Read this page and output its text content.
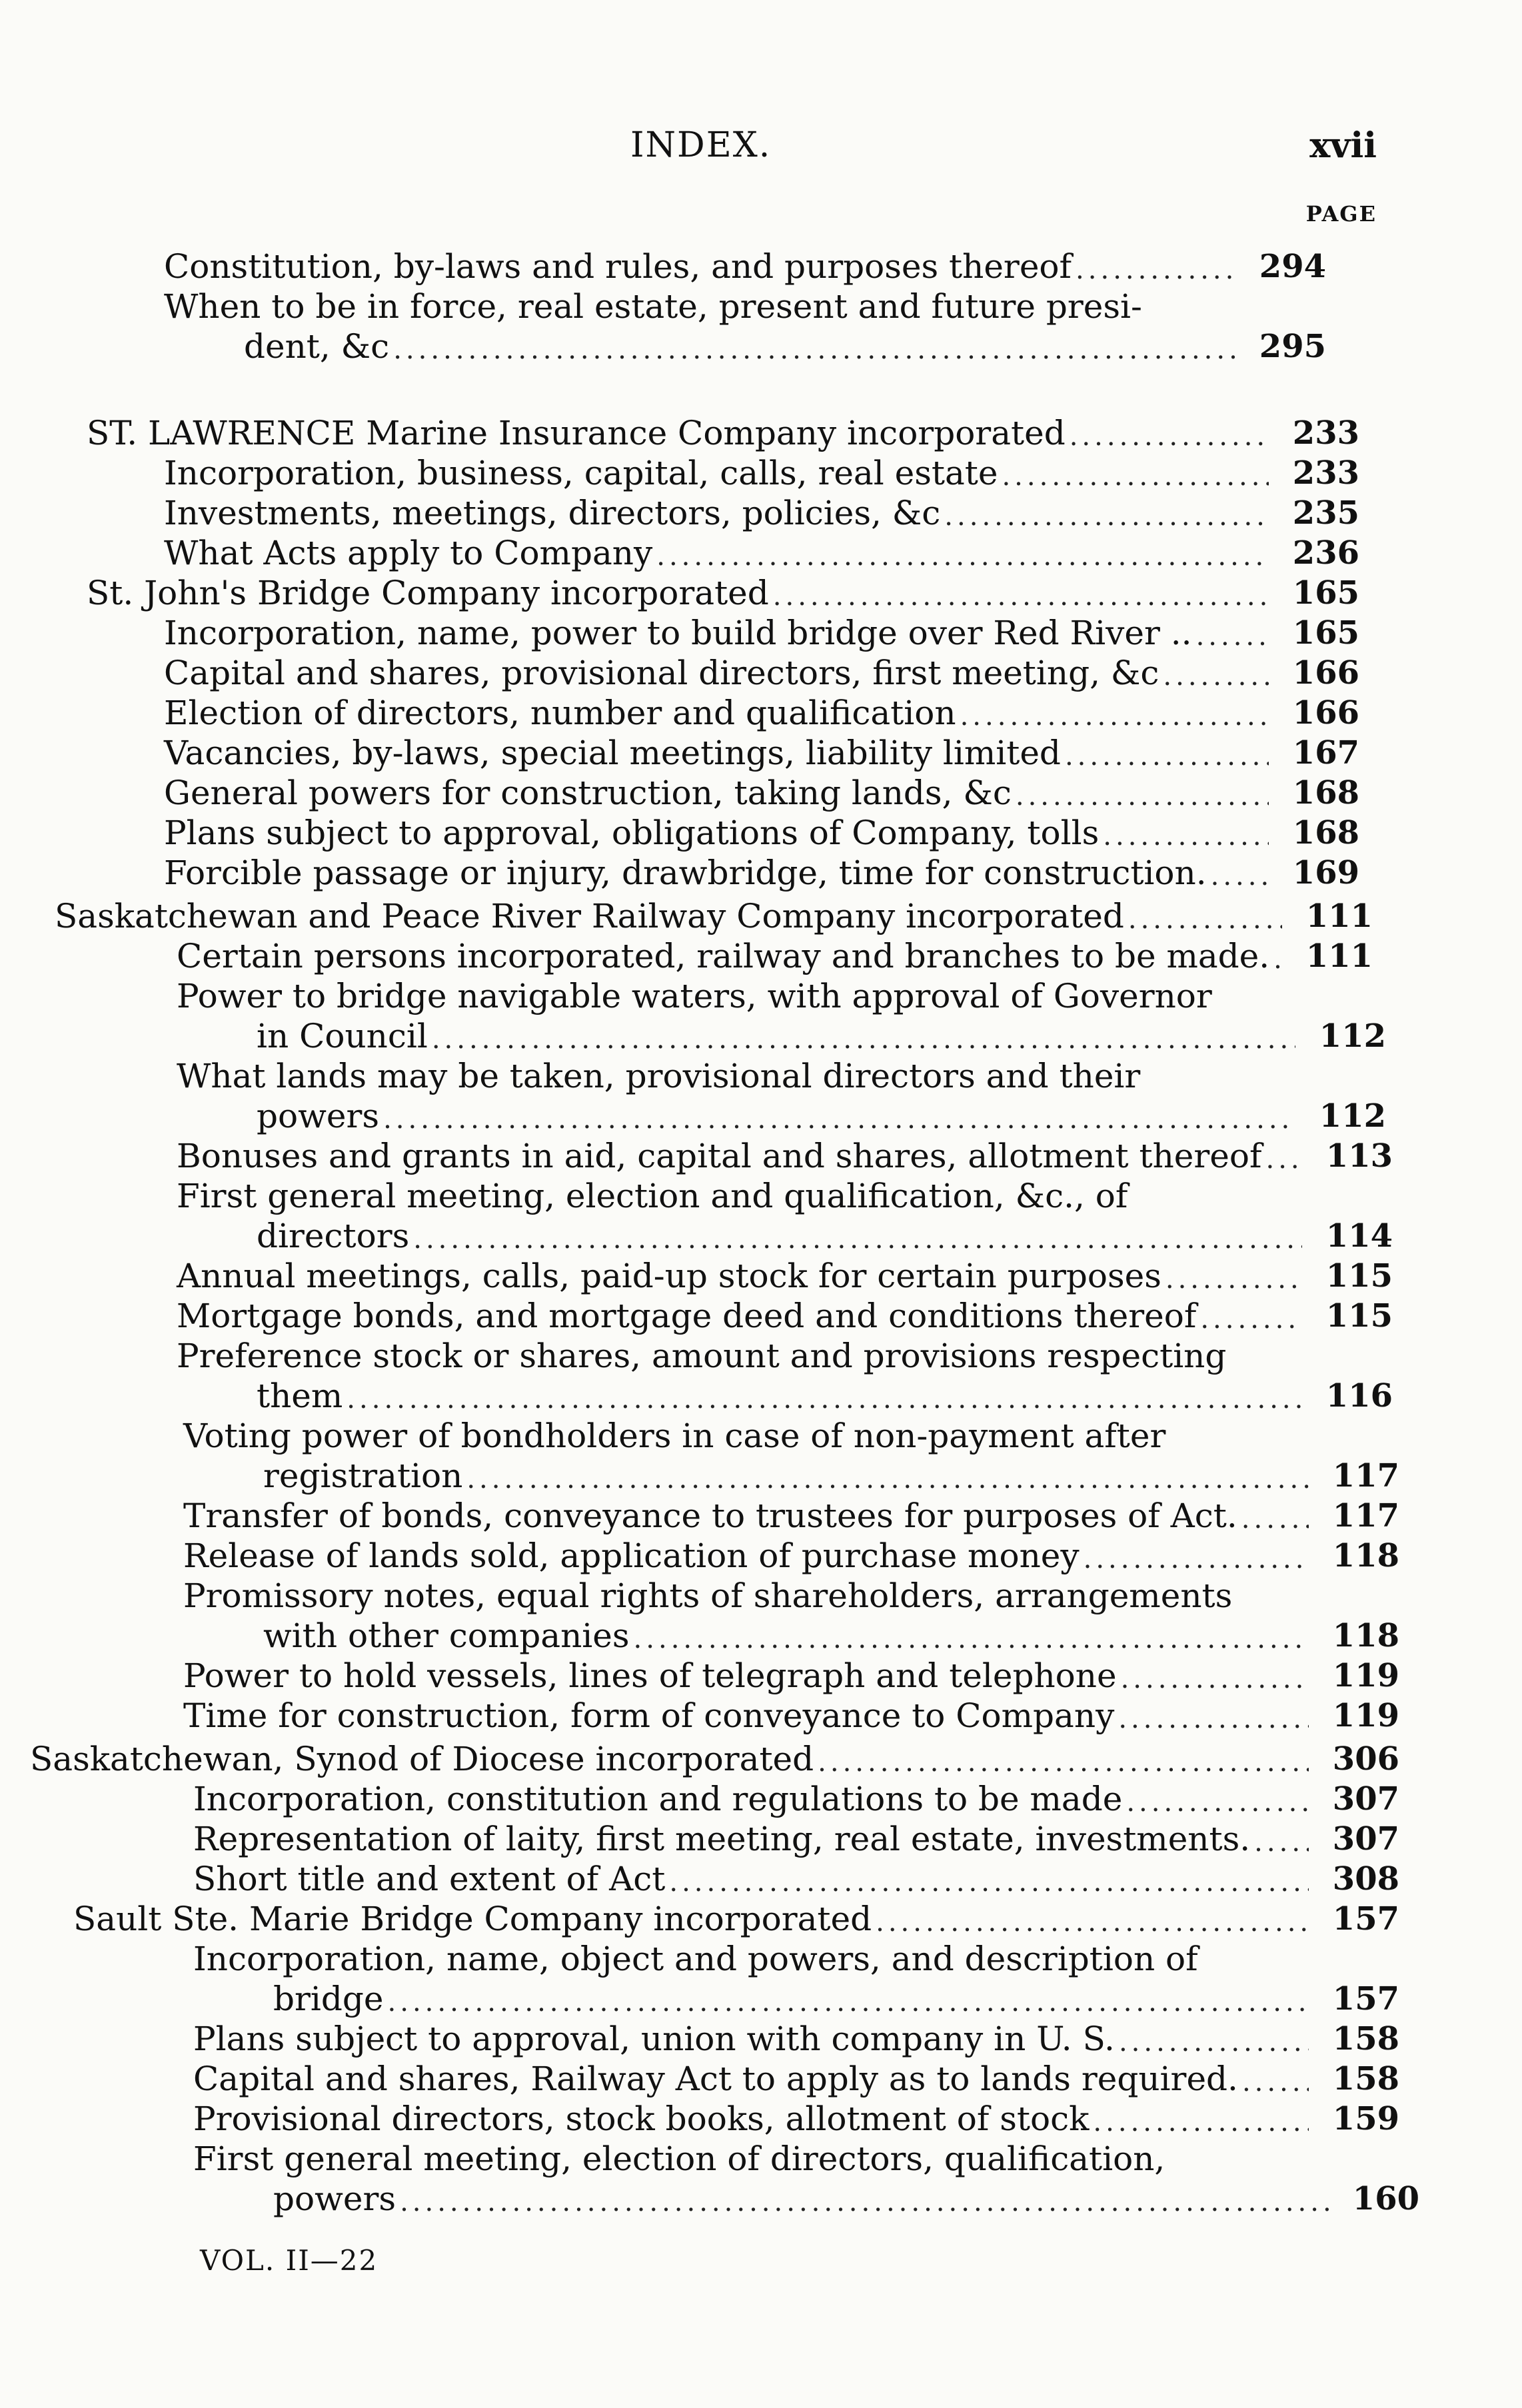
INDEX.	xvii
PAGE
Constitution, by-laws and rules, and purposes thereof .....	294
When to be in force, real estate, present and future presi-
dent, &c .....	295
ST. LAWRENCE Marine Insurance Company incorporated .....	233
Incorporation, business, capital, calls, real estate .....	233
Investments, meetings, directors, policies, &c .....	235
What Acts apply to Company .....	236
St. John's Bridge Company incorporated .....	165
Incorporation, name, power to build bridge over Red River .. .....	165
Capital and shares, provisional directors, first meeting, &c .....	166
Election of directors, number and qualification .....	166
Vacancies, by-laws, special meetings, liability limited .....	167
General powers for construction, taking lands, &c .....	168
Plans subject to approval, obligations of Company, tolls .....	168
Forcible passage or injury, drawbridge, time for construction. .....	169
Saskatchewan and Peace River Railway Company incorporated .....	111
Certain persons incorporated, railway and branches to be made. .....	111
Power to bridge navigable waters, with approval of Governor
in Council .....	112
What lands may be taken, provisional directors and their
powers .....	112
Bonuses and grants in aid, capital and shares, allotment thereof .....	113
First general meeting, election and qualification, &c., of
directors .....	114
Annual meetings, calls, paid-up stock for certain purposes .....	115
Mortgage bonds, and mortgage deed and conditions thereof .....	115
Preference stock or shares, amount and provisions respecting
them .....	116
Voting power of bondholders in case of non-payment after
registration .....	117
Transfer of bonds, conveyance to trustees for purposes of Act. .....	117
Release of lands sold, application of purchase money .....	118
Promissory notes, equal rights of shareholders, arrangements
with other companies .....	118
Power to hold vessels, lines of telegraph and telephone .....	119
Time for construction, form of conveyance to Company .....	119
Saskatchewan, Synod of Diocese incorporated .....	306
Incorporation, constitution and regulations to be made .....	307
Representation of laity, first meeting, real estate, investments. .....	307
Short title and extent of Act .....	308
Sault Ste. Marie Bridge Company incorporated .....	157
Incorporation, name, object and powers, and description of
bridge .....	157
Plans subject to approval, union with company in U. S. .....	158
Capital and shares, Railway Act to apply as to lands required. .....	158
Provisional directors, stock books, allotment of stock .....	159
First general meeting, election of directors, qualification,
powers .....	160
VOL. II—22
